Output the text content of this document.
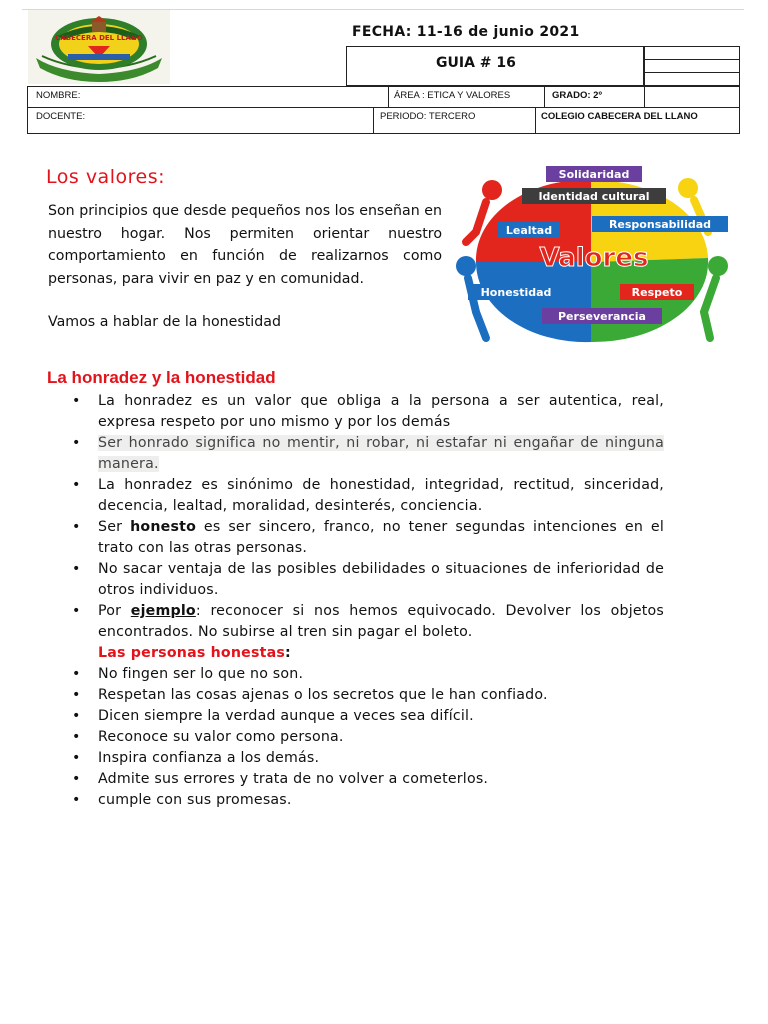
CABECERA DEL LLANO	FECHA: 11-16 de junio 2021
GUIA # 16
NOMBRE:	ÁREA : ETICA Y VALORES	GRADO: 2º
DOCENTE:	PERIODO: TERCERO	COLEGIO CABECERA DEL LLANO
Los valores:
Son principios que desde pequeños nos los enseñan en nuestro hogar. Nos permiten orientar nuestro comportamiento en función de realizarnos como personas, para vivir en paz y en comunidad.
Vamos a hablar de la honestidad
Solidaridad
Identidad cultural
Lealtad	Responsabilidad
Valores
Honestidad	Respeto
Perseverancia
La honradez y la honestidad
• La honradez es un valor que obliga a la persona a ser autentica, real, expresa respeto por uno mismo y por los demás
• Ser honrado significa no mentir, ni robar, ni estafar ni engañar de ninguna manera.
• La honradez es sinónimo de honestidad, integridad, rectitud, sinceridad, decencia, lealtad, moralidad, desinterés, conciencia.
• Ser honesto es ser sincero, franco, no tener segundas intenciones en el trato con las otras personas.
• No sacar ventaja de las posibles debilidades o situaciones de inferioridad de otros individuos.
• Por ejemplo: reconocer si nos hemos equivocado. Devolver los objetos encontrados. No subirse al tren sin pagar el boleto.
Las personas honestas:
• No fingen ser lo que no son.
• Respetan las cosas ajenas o los secretos que le han confiado.
• Dicen siempre la verdad aunque a veces sea difícil.
• Reconoce su valor como persona.
• Inspira confianza a los demás.
• Admite sus errores y trata de no volver a cometerlos.
• cumple con sus promesas.
